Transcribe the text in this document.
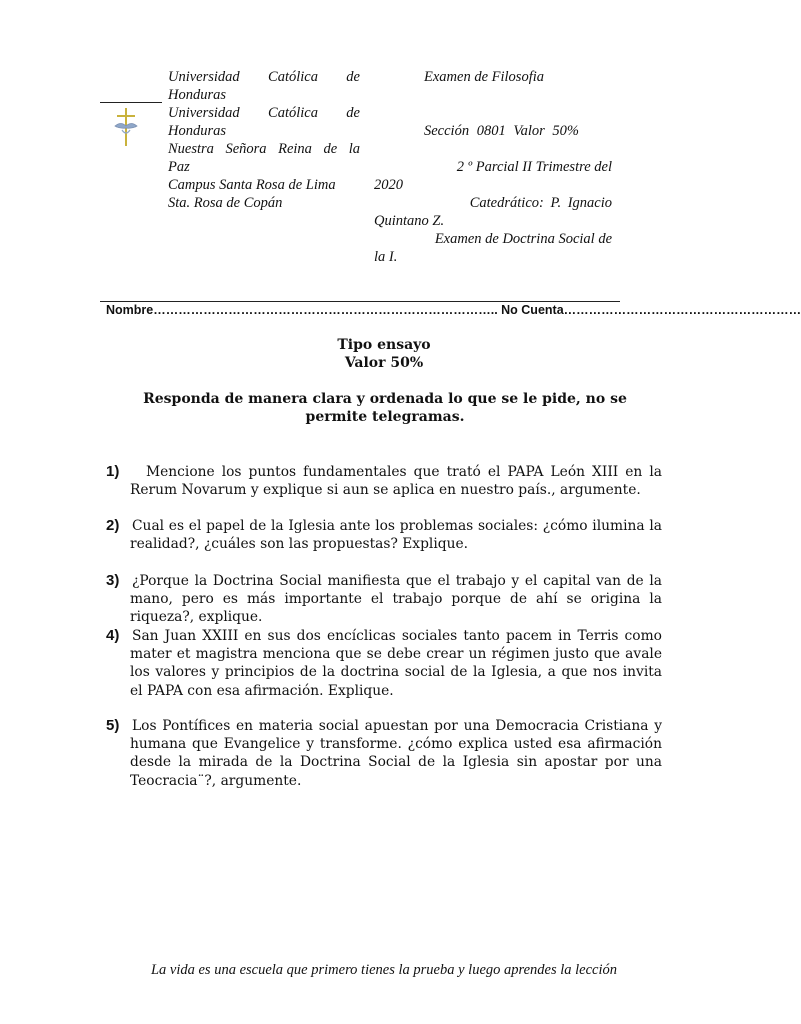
Universidad Católica de
Honduras
Universidad Católica de
Honduras
Nuestra Señora Reina de la
Paz
Campus Santa Rosa de Lima
Sta. Rosa de Copán
Examen de Filosofia
Sección 0801 Valor 50%
2 º Parcial II Trimestre del
2020
Catedrático: P. Ignacio
Quintano Z.
Examen de Doctrina Social de
la I.
Nombre……………………………………………………………………….. No Cuenta…………………………………………………
Tipo ensayo
Valor 50%
Responda de manera clara y ordenada lo que se le pide, no se permite telegramas.
1)	Mencione los puntos fundamentales que trató el PAPA León XIII en la Rerum Novarum y explique si aun se aplica en nuestro país., argumente.
2) Cual es el papel de la Iglesia ante los problemas sociales: ¿cómo ilumina la realidad?, ¿cuáles son las propuestas? Explique.
3) ¿Porque la Doctrina Social manifiesta que el trabajo y el capital van de la mano, pero es más importante el trabajo porque de ahí se origina la riqueza?, explique.
4) San Juan XXIII en sus dos encíclicas sociales tanto pacem in Terris como mater et magistra menciona que se debe crear un régimen justo que avale los valores y principios de la doctrina social de la Iglesia, a que nos invita el PAPA con esa afirmación. Explique.
5) Los Pontífices en materia social apuestan por una Democracia Cristiana y humana que Evangelice y transforme. ¿cómo explica usted esa afirmación desde la mirada de la Doctrina Social de la Iglesia sin apostar por una Teocracia¨?, argumente.
La vida es una escuela que primero tienes la prueba y luego aprendes la lección
